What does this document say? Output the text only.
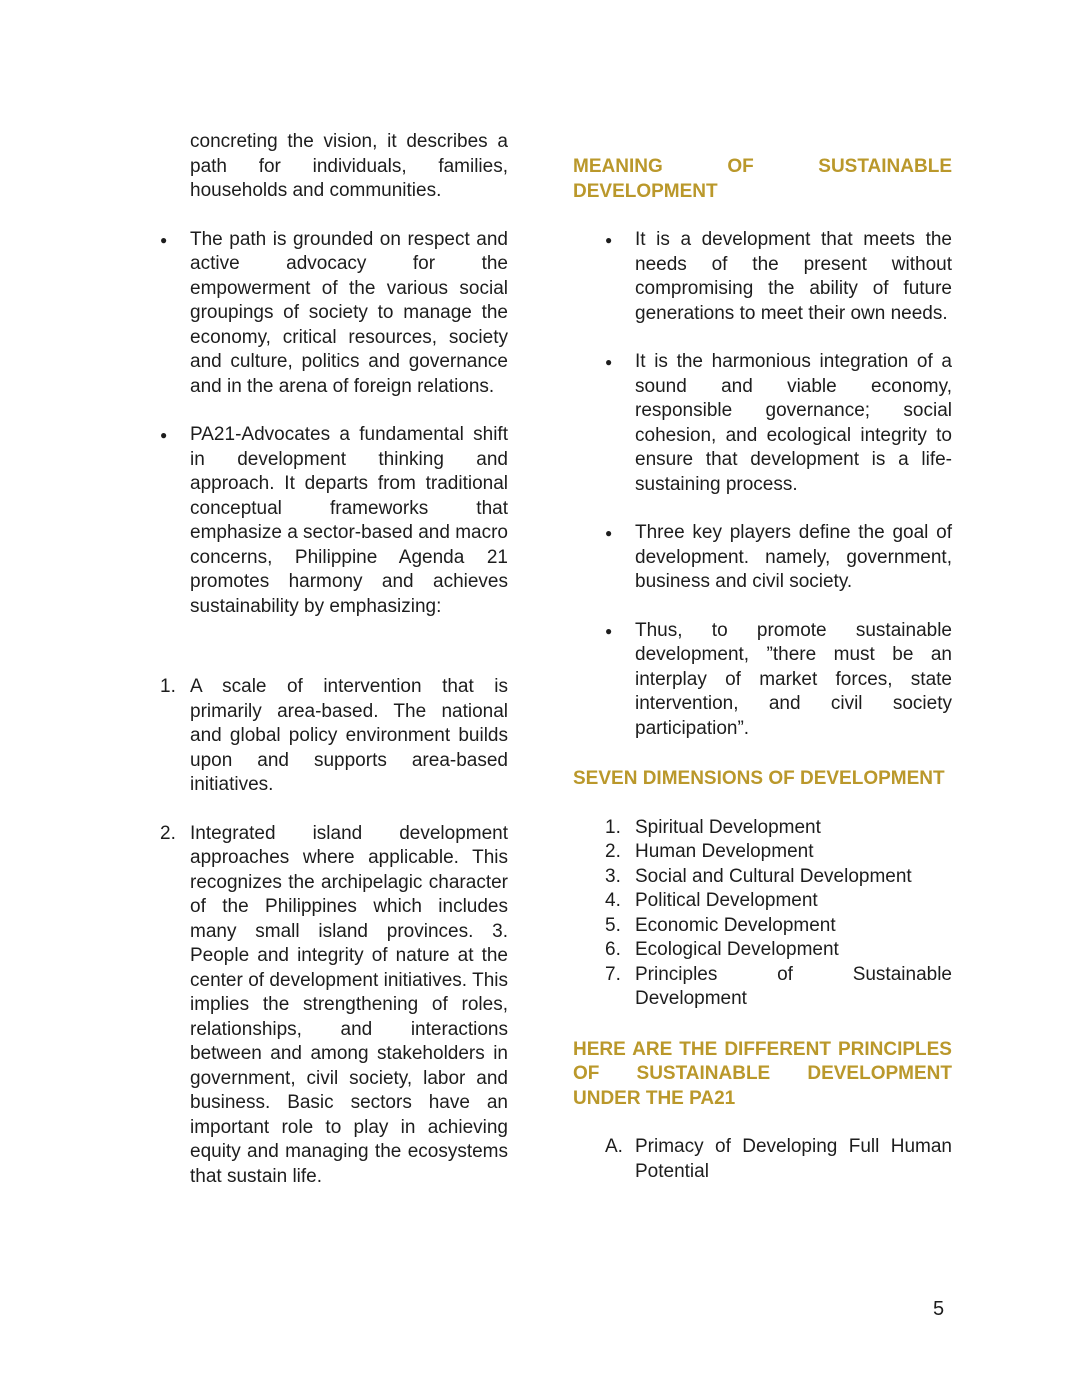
concreting the vision, it describes a path for individuals, families, households and communities.

●	The path is grounded on respect and active advocacy for the empowerment of the various social groupings of society to manage the economy, critical resources, society and culture, politics and governance and in the arena of foreign relations.
●	PA21-Advocates a fundamental shift in development thinking and approach. It departs from traditional conceptual frameworks that emphasize a sector-based and macro concerns, Philippine Agenda 21 promotes harmony and achieves sustainability by emphasizing:
1. A scale of intervention that is primarily area-based. The national and global policy environment builds upon and supports area-based initiatives.
2. Integrated island development approaches where applicable. This recognizes the archipelagic character of the Philippines which includes many small island provinces. 3. People and integrity of nature at the center of development initiatives. This implies the strengthening of roles, relationships, and interactions between and among stakeholders in government, civil society, labor and business. Basic sectors have an important role to play in achieving equity and managing the ecosystems that sustain life.
MEANING OF SUSTAINABLE DEVELOPMENT
●	It is a development that meets the needs of the present without compromising the ability of future generations to meet their own needs.
●	It is the harmonious integration of a sound and viable economy, responsible governance; social cohesion, and ecological integrity to ensure that development is a life-sustaining process.
●	Three key players define the goal of development. namely, government, business and civil society.
●	Thus, to promote sustainable development, ”there must be an interplay of market forces, state intervention, and civil society participation”.
SEVEN DIMENSIONS OF DEVELOPMENT
1. Spiritual Development
2. Human Development
3. Social and Cultural Development
4. Political Development
5. Economic Development
6. Ecological Development
7. Principles of Sustainable Development
HERE ARE THE DIFFERENT PRINCIPLES OF SUSTAINABLE DEVELOPMENT UNDER THE PA21
A. Primacy of Developing Full Human Potential
5
